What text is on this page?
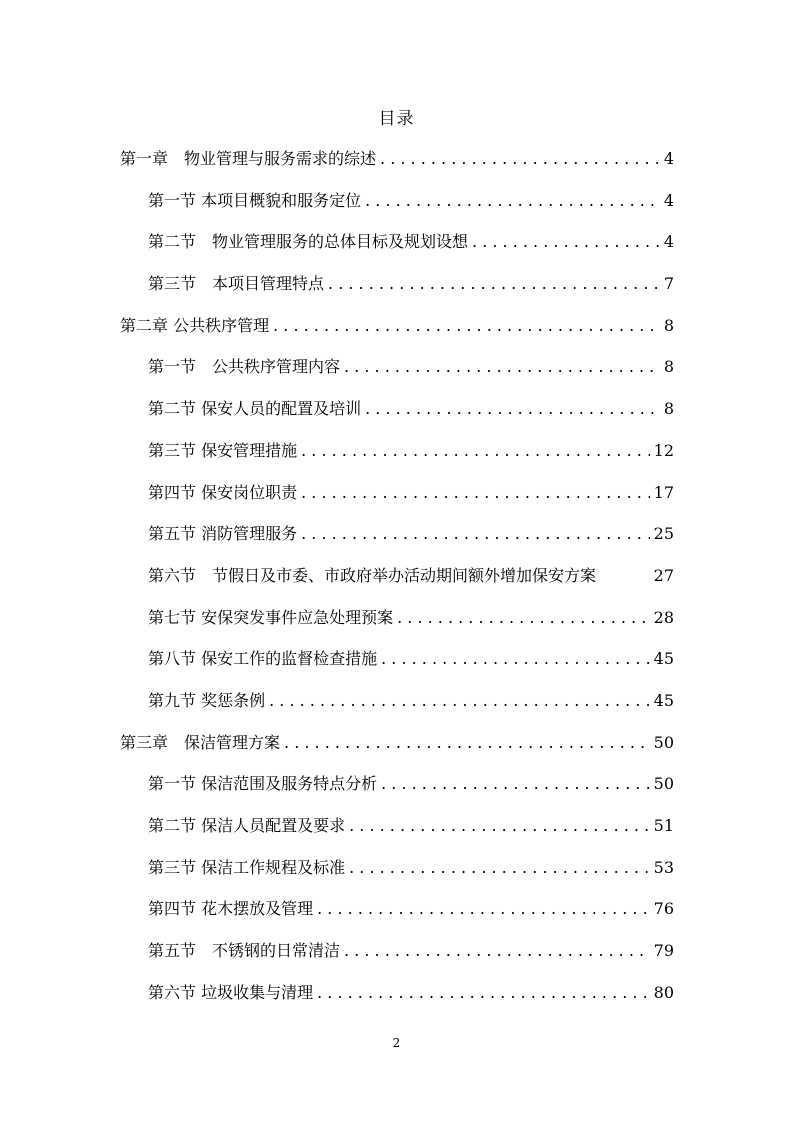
目录
第一章　物业管理与服务需求的综述 . . .	4
第一节 本项目概貌和服务定位 . . .	4
第二节　物业管理服务的总体目标及规划设想 . . .	4
第三节　本项目管理特点 . . .	7
第二章 公共秩序管理 . . .	8
第一节　公共秩序管理内容 . . .	8
第二节 保安人员的配置及培训 . . .	8
第三节 保安管理措施 . . .	12
第四节 保安岗位职责 . . .	17
第五节 消防管理服务 . . .	25
第六节　节假日及市委、市政府举办活动期间额外增加保安方案	27
第七节 安保突发事件应急处理预案 . . .	28
第八节 保安工作的监督检查措施 . . .	45
第九节 奖惩条例 . . .	45
第三章　保洁管理方案 . . .	50
第一节 保洁范围及服务特点分析 . . .	50
第二节 保洁人员配置及要求 . . .	51
第三节 保洁工作规程及标准 . . .	53
第四节 花木摆放及管理 . . .	76
第五节　不锈钢的日常清洁 . . .	79
第六节 垃圾收集与清理 . . .	80
2
